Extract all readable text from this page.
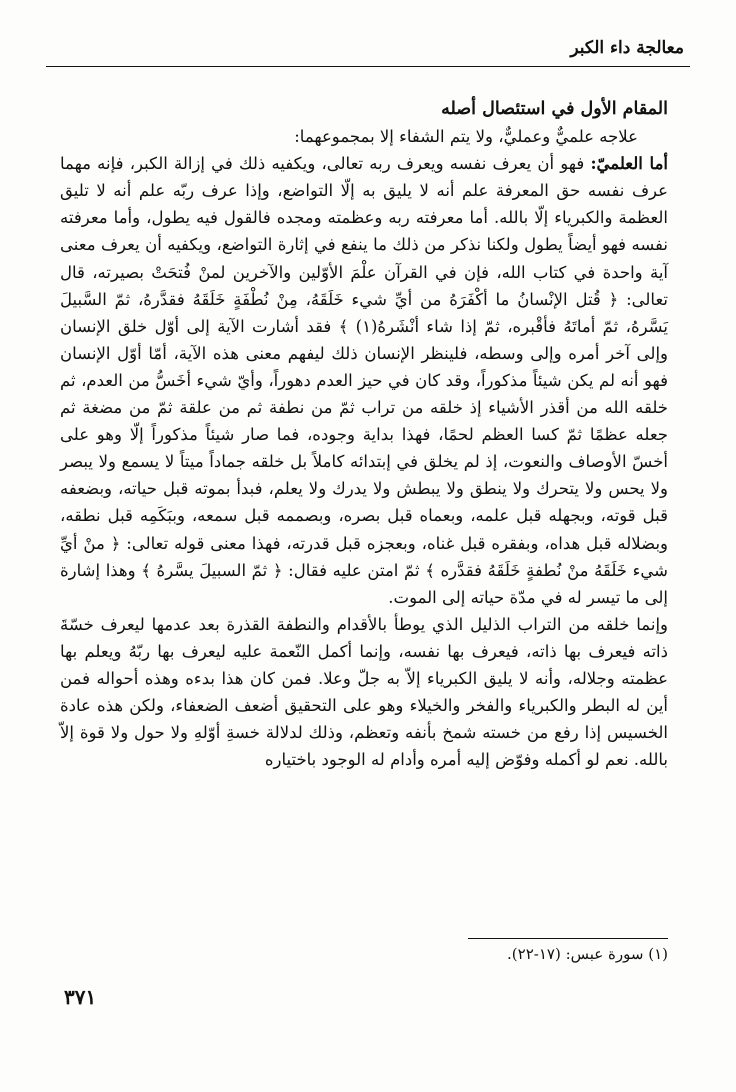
معالجة داء الكبر

المقام الأول في استئصال أصله

علاجه علميٌّ وعمليٌّ، ولا يتم الشفاء إلا بمجموعهما:

أما العلميّ: فهو أن يعرف نفسه ويعرف ربه تعالى، ويكفيه ذلك في إزالة الكبر، فإنه مهما عرف نفسه حق المعرفة علم أنه لا يليق به إلّا التواضع، وإذا عرف ربّه علم أنه لا تليق العظمة والكبرياء إلّا بالله. أما معرفته ربه وعظمته ومجده فالقول فيه يطول، وأما معرفته نفسه فهو أيضاً يطول ولكنا نذكر من ذلك ما ينفع في إثارة التواضع، ويكفيه أن يعرف معنى آية واحدة في كتاب الله، فإن في القرآن علْمَ الأوّلين والآخرين لمنْ فُتحَتْ بصيرته، قال تعالى: ﴿ قُتل الإنْسانُ ما أكْفَرَهُ من أيِّ شيء خَلَقَهُ، مِنْ نُطْفَةٍ خَلَقَهُ فقدَّرهُ، ثمّ السَّبيلَ يَسَّرهُ، ثمّ أماتَهُ فأقْبره، ثمّ إذا شاء أنْشَرهُ(١) ﴾ فقد أشارت الآية إلى أوّل خلق الإنسان وإلى آخر أمره وإلى وسطه، فلينظر الإنسان ذلك ليفهم معنى هذه الآية، أمّا أوّل الإنسان فهو أنه لم يكن شيئاً مذكوراً، وقد كان في حيز العدم دهوراً، وأيّ شيء أخَسُّ من العدم، ثم خلقه الله من أقذر الأشياء إذ خلقه من تراب ثمّ من نطفة ثم من علقة ثمّ من مضغة ثم جعله عظمًا ثمّ كسا العظم لحمًا، فهذا بداية وجوده، فما صار شيئاً مذكوراً إلّا وهو على أخسّ الأوصاف والنعوت، إذ لم يخلق في إبتدائه كاملاً بل خلقه جماداً ميتاً لا يسمع ولا يبصر ولا يحس ولا يتحرك ولا ينطق ولا يبطش ولا يدرك ولا يعلم، فبدأ بموته قبل حياته، وبضعفه قبل قوته، وبجهله قبل علمه، وبعماه قبل بصره، وبصممه قبل سمعه، وببَكَمِه قبل نطقه، وبضلاله قبل هداه، وبفقره قبل غناه، وبعجزه قبل قدرته، فهذا معنى قوله تعالى: ﴿ منْ أيِّ شيء خَلَقَهُ منْ نُطفةٍ خَلَقَهُ فقدَّره ﴾ ثمّ امتن عليه فقال: ﴿ ثمّ السبيلَ يسَّرهُ ﴾ وهذا إشارة إلى ما تيسر له في مدّة حياته إلى الموت.

وإنما خلقه من التراب الذليل الذي يوطأ بالأقدام والنطفة القذرة بعد عدمها ليعرف خسّةَ ذاته فيعرف بها ذاته، فيعرف بها نفسه، وإنما أكمل النّعمة عليه ليعرف بها ربّهُ ويعلم بها عظمته وجلاله، وأنه لا يليق الكبرياء إلاّ به جلّ وعلا. فمن كان هذا بدءه وهذه أحواله فمن أين له البطر والكبرياء والفخر والخيلاء وهو على التحقيق أضعف الضعفاء، ولكن هذه عادة الخسيس إذا رفع من خسته شمخ بأنفه وتعظم، وذلك لدلالة خسةِ أوّلهِ ولا حول ولا قوة إلاّ بالله. نعم لو أكمله وفوّض إليه أمره وأدام له الوجود باختياره

(١) سورة عبس: (١٧-٢٢).
٣٧١
